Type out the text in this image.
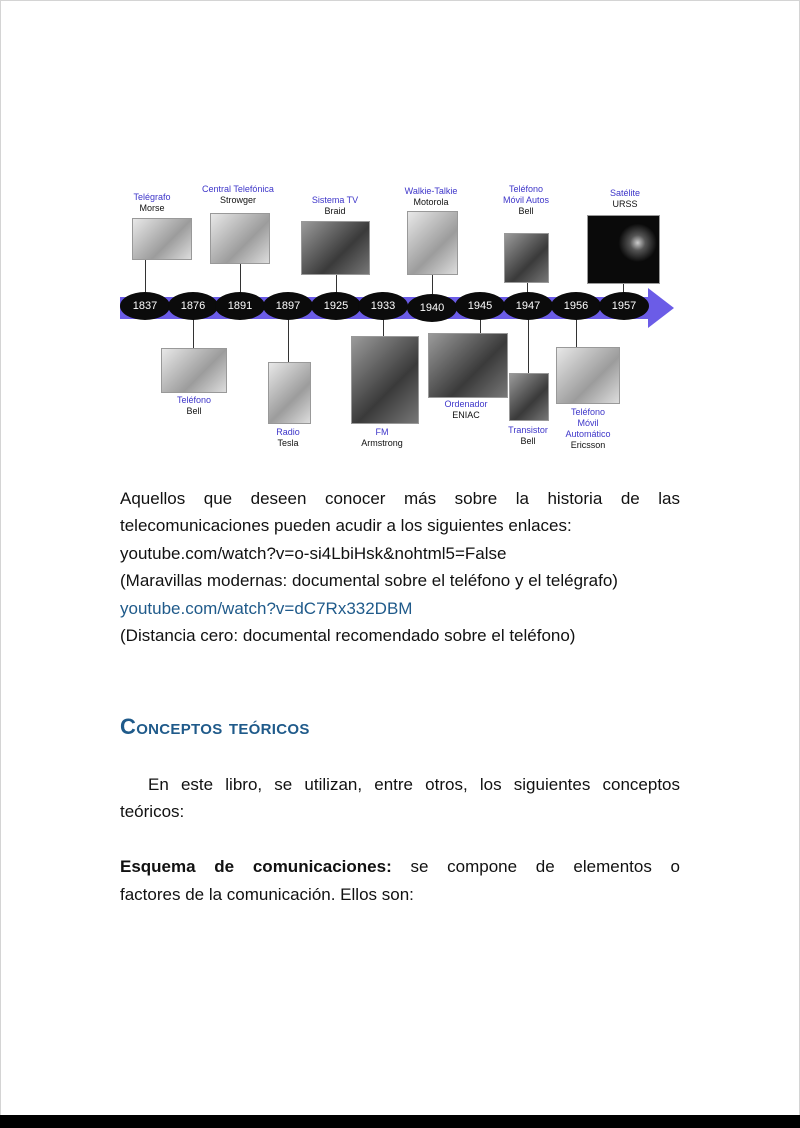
1837	1876	1891	1897	1925	1933	1940	1945	1947	1956	1957
Telégrafo
Morse
Central Telefónica
Strowger	Sistema TV
Braid
Walkie-Talkie
Motorola
Teléfono Móvil Autos
Bell
Satélite
URSS
Teléfono
Bell
Radio
Tesla
FM
Armstrong
Ordenador
ENIAC
Transistor
Bell
Teléfono Móvil Automático
Ericsson
Aquellos que deseen conocer más sobre la historia de las
telecomunicaciones pueden acudir a los siguientes enlaces:
youtube.com/watch?v=o-si4LbiHsk&nohtml5=False
(Maravillas modernas: documental sobre el teléfono y el telégrafo)
youtube.com/watch?v=dC7Rx332DBM
(Distancia cero: documental recomendado sobre el teléfono)
Conceptos teóricos
En este libro, se utilizan, entre otros, los siguientes conceptos
teóricos:
Esquema de comunicaciones: se compone de elementos o
factores de la comunicación. Ellos son:
